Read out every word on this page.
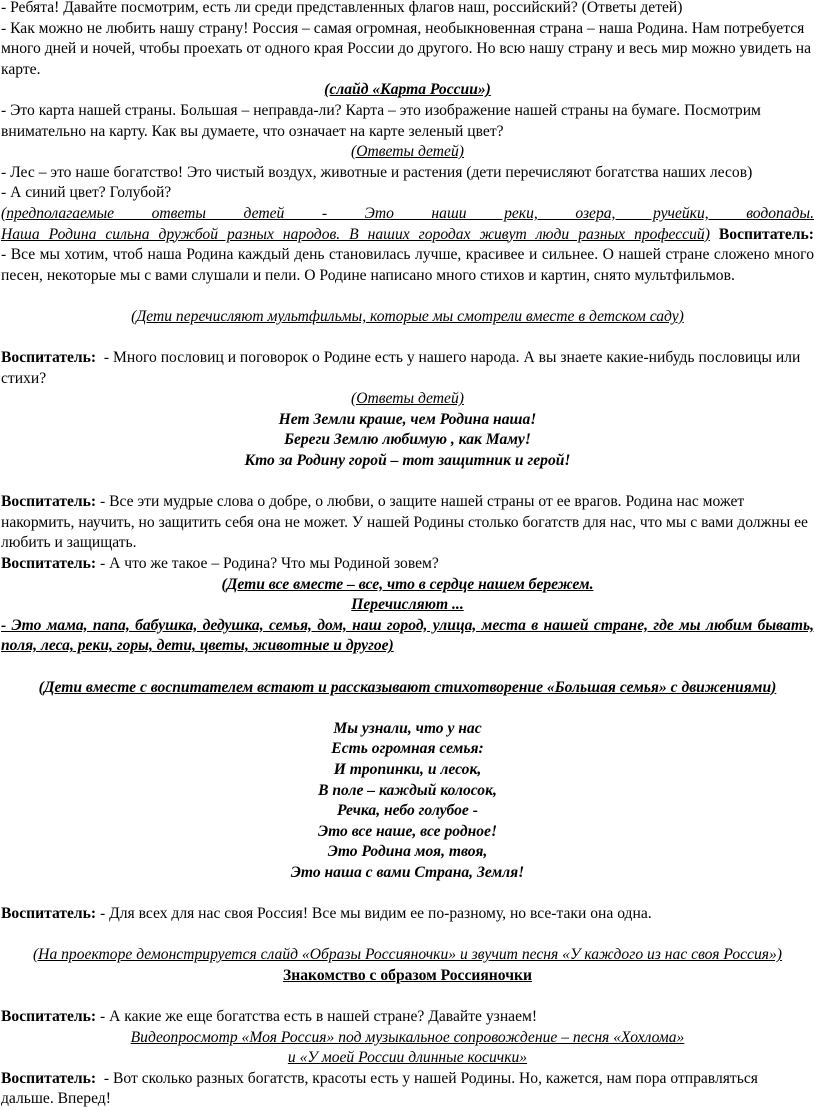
- Ребята! Давайте посмотрим, есть ли среди представленных флагов наш, российский? (Ответы детей)

- Как можно не любить нашу страну! Россия – самая огромная, необыкновенная страна – наша Родина. Нам потребуется много дней и ночей, чтобы проехать от одного края России до другого. Но всю нашу страну и весь мир можно увидеть на карте.

(слайд «Карта России»)

- Это карта нашей страны. Большая – неправда-ли? Карта – это изображение нашей страны на бумаге. Посмотрим внимательно на карту. Как вы думаете, что означает на карте зеленый цвет?

(Ответы детей)

- Лес – это наше богатство! Это чистый воздух, животные и растения (дети перечисляют богатства наших лесов)

- А синий цвет? Голубой?

(предполагаемые ответы детей - Это наши реки, озера, ручейки, водопады.

Наша Родина сильна дружбой разных народов. В наших городах живут люди разных профессий) Воспитатель:

- Все мы хотим, чтоб наша Родина каждый день становилась лучше, красивее и сильнее. О нашей стране сложено много песен, некоторые мы с вами слушали и пели. О Родине написано много стихов и картин, снято мультфильмов.

(Дети перечисляют мультфильмы, которые мы смотрели вместе в детском саду)

Воспитатель: - Много пословиц и поговорок о Родине есть у нашего народа. А вы знаете какие-нибудь пословицы или стихи?

(Ответы детей)

Нет Земли краше, чем Родина наша!

Береги Землю любимую , как Маму!

Кто за Родину горой – тот защитник и герой!

Воспитатель: - Все эти мудрые слова о добре, о любви, о защите нашей страны от ее врагов. Родина нас может накормить, научить, но защитить себя она не может. У нашей Родины столько богатств для нас, что мы с вами должны ее любить и защищать.

Воспитатель: - А что же такое – Родина? Что мы Родиной зовем?

(Дети все вместе – все, что в сердце нашем бережем.

Перечисляют ...

- Это мама, папа, бабушка, дедушка, семья, дом, наш город, улица, места в нашей стране, где мы любим бывать, поля, леса, реки, горы, дети, цветы, животные и другое)

(Дети вместе с воспитателем встают и рассказывают стихотворение «Большая семья» с движениями)

Мы узнали, что у нас

Есть огромная семья:

И тропинки, и лесок,

В поле – каждый колосок,

Речка, небо голубое -

Это все наше, все родное!

Это Родина моя, твоя,

Это наша с вами Страна, Земля!

Воспитатель: - Для всех для нас своя Россия! Все мы видим ее по-разному, но все-таки она одна.

(На проекторе демонстрируется слайд «Образы Россияночки» и звучит песня «У каждого из нас своя Россия»)

Знакомство с образом Россияночки

Воспитатель: - А какие же еще богатства есть в нашей стране? Давайте узнаем!

Видеопросмотр «Моя Россия» под музыкальное сопровождение – песня «Хохлома»

и «У моей России длинные косички»

Воспитатель: - Вот сколько разных богатств, красоты есть у нашей Родины. Но, кажется, нам пора отправляться дальше. Вперед!
